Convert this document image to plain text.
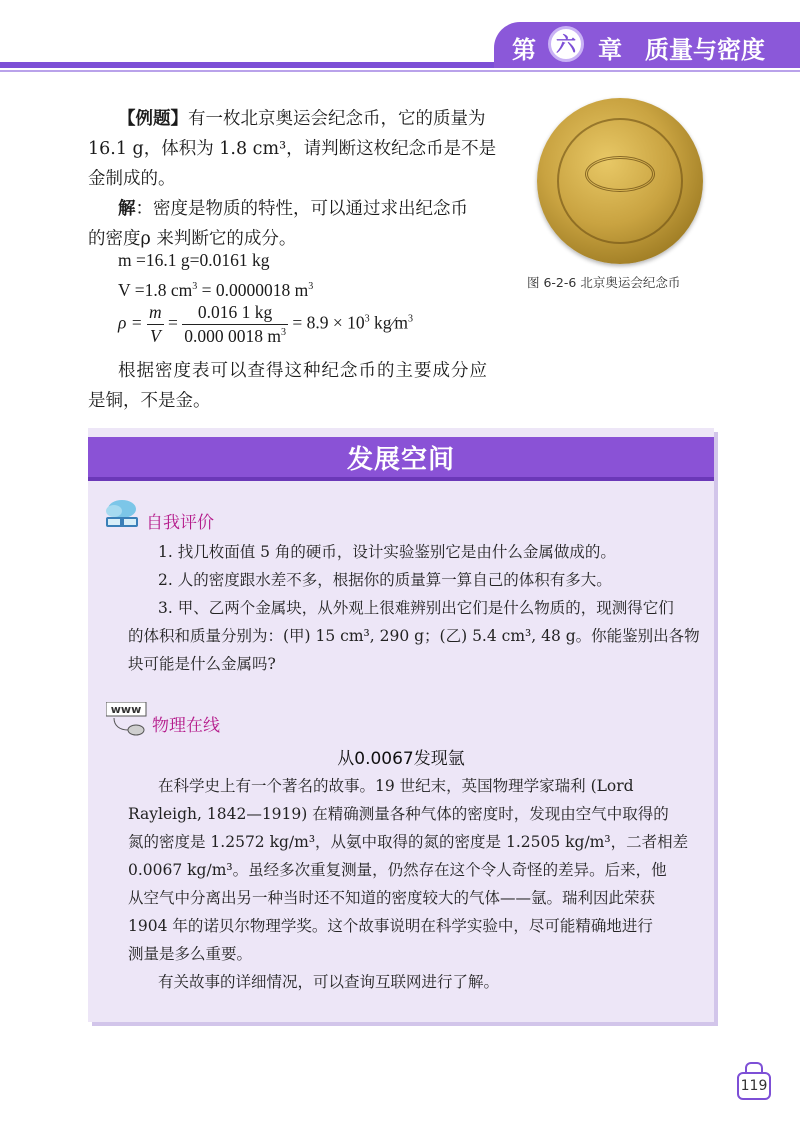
第	六 章 质量与密度
【例题】有一枚北京奥运会纪念币，它的质量为
16.1 g，体积为 1.8 cm³，请判断这枚纪念币是不是
金制成的。
解：密度是物质的特性，可以通过求出纪念币
的密度ρ 来判断它的成分。
m =16.1 g=0.0161 kg
V =1.8 $cm^3 = 0.0000018$ $m^3$
$\rho = \frac{m}{V} = \frac{0.016 1 kg}{0.000 0018 m^3} = 8.9 \times 10^3$ $kg∕m^3$
根据密度表可以查得这种纪念币的主要成分应
是铜，不是金。
图 6-2-6 北京奥运会纪念币
发展空间
自我评价
1. 找几枚面值 5 角的硬币，设计实验鉴别它是由什么金属做成的。
2. 人的密度跟水差不多，根据你的质量算一算自己的体积有多大。
3. 甲、乙两个金属块，从外观上很难辨别出它们是什么物质的，现测得它们
的体积和质量分别为：(甲) 15 cm³, 290 g；(乙) 5.4 cm³, 48 g。你能鉴别出各物
块可能是什么金属吗?
www
物理在线
从0.0067发现氩
在科学史上有一个著名的故事。19 世纪末，英国物理学家瑞利 (Lord
Rayleigh, 1842—1919) 在精确测量各种气体的密度时，发现由空气中取得的
氮的密度是 1.2572 kg∕m³，从氨中取得的氮的密度是 1.2505 kg∕m³，二者相差
0.0067 kg∕m³。虽经多次重复测量，仍然存在这个令人奇怪的差异。后来，他
从空气中分离出另一种当时还不知道的密度较大的气体——氩。瑞利因此荣获
1904 年的诺贝尔物理学奖。这个故事说明在科学实验中，尽可能精确地进行
测量是多么重要。
有关故事的详细情况，可以查询互联网进行了解。
119
